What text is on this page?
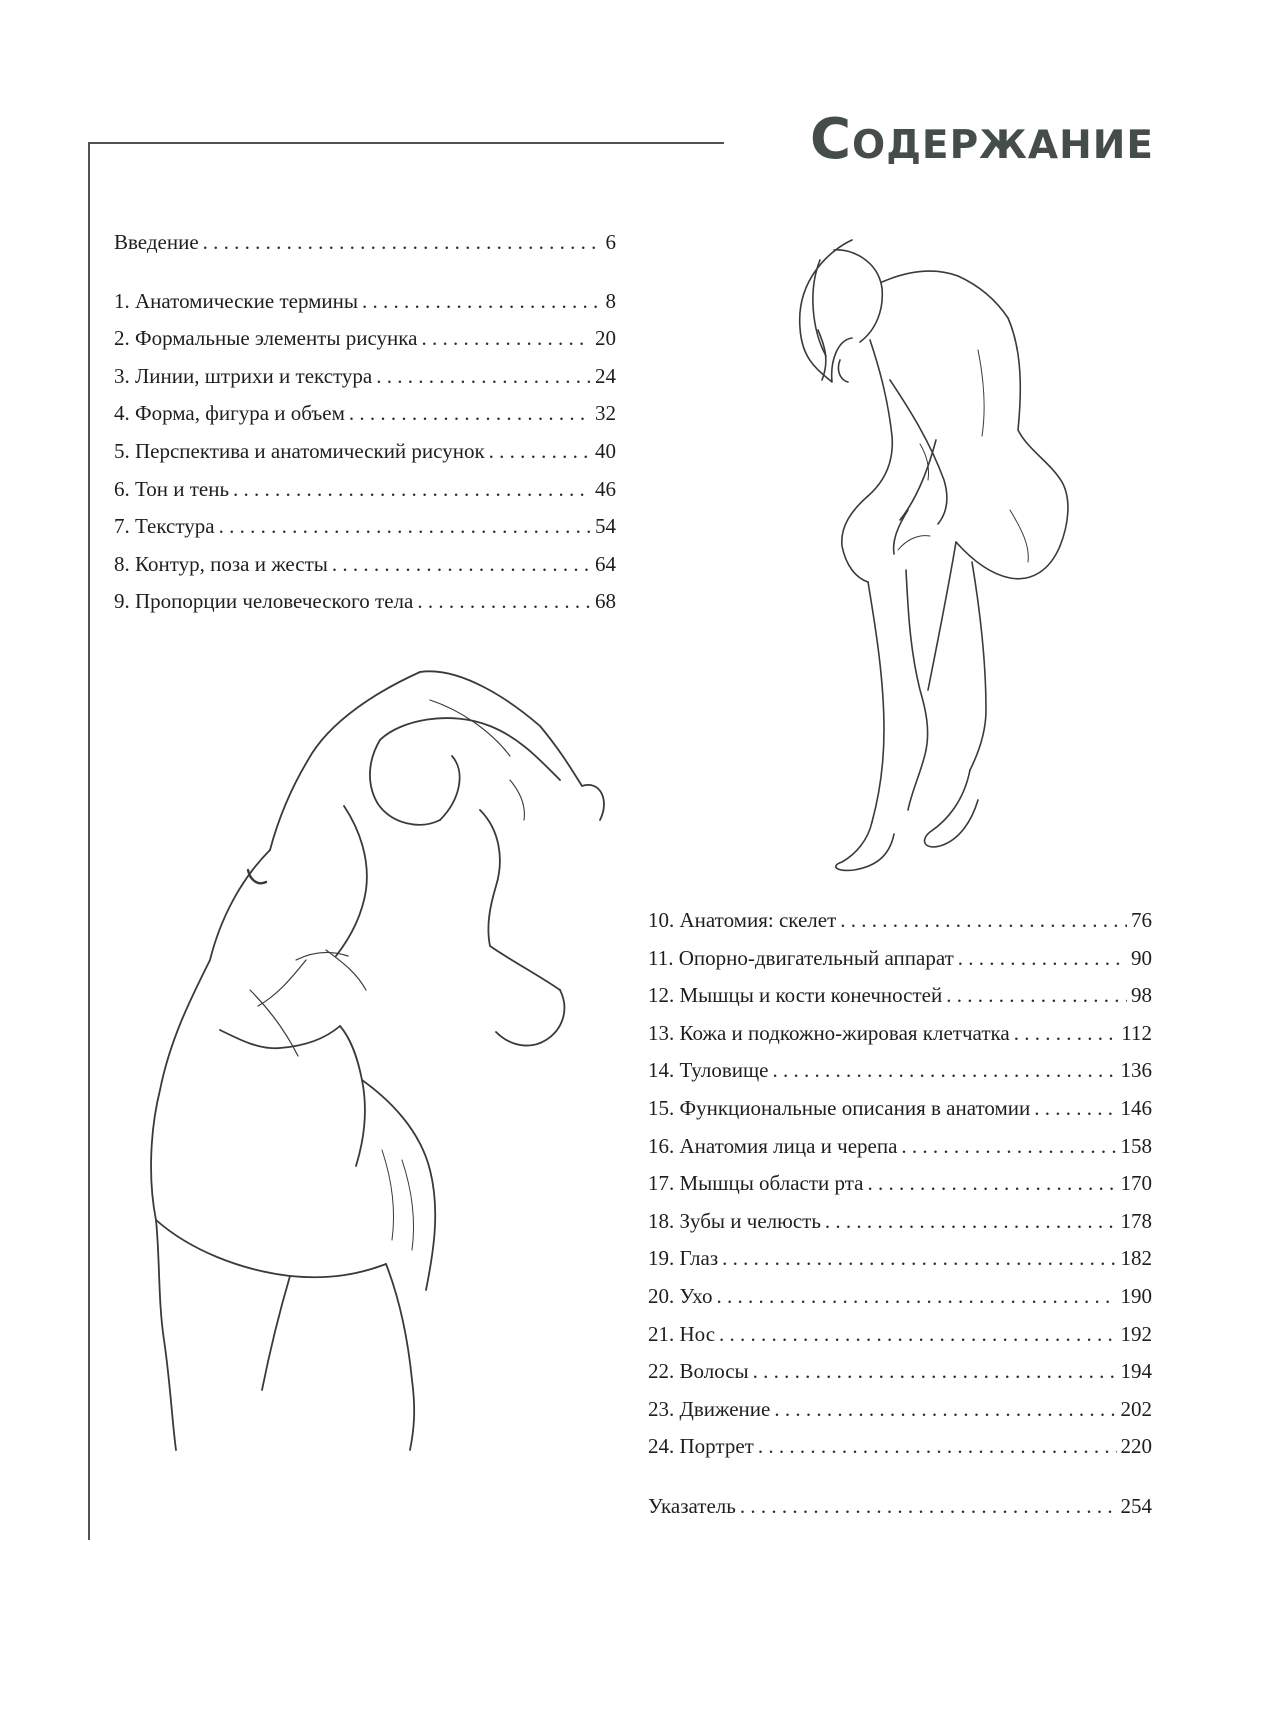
Содержание
Введение . . .	6
1. Анатомические термины . . .	8
2. Формальные элементы рисунка . . .	20
3. Линии, штрихи и текстура . . .	24
4. Форма, фигура и объем . . .	32
5. Перспектива и анатомический рисунок . . .	40
6. Тон и тень . . .	46
7. Текстура . . .	54
8. Контур, поза и жесты . . .	64
9. Пропорции человеческого тела . . .	68
10. Анатомия: скелет . . .	76
11. Опорно-двигательный аппарат . . .	90
12. Мышцы и кости конечностей . . .	98
13. Кожа и подкожно-жировая клетчатка . . .	112
14. Туловище . . .	136
15. Функциональные описания в анатомии . . .	146
16. Анатомия лица и черепа . . .	158
17. Мышцы области рта . . .	170
18. Зубы и челюсть . . .	178
19. Глаз . . .	182
20. Ухо . . .	190
21. Нос . . .	192
22. Волосы . . .	194
23. Движение . . .	202
24. Портрет . . .	220
Указатель . . .	254
